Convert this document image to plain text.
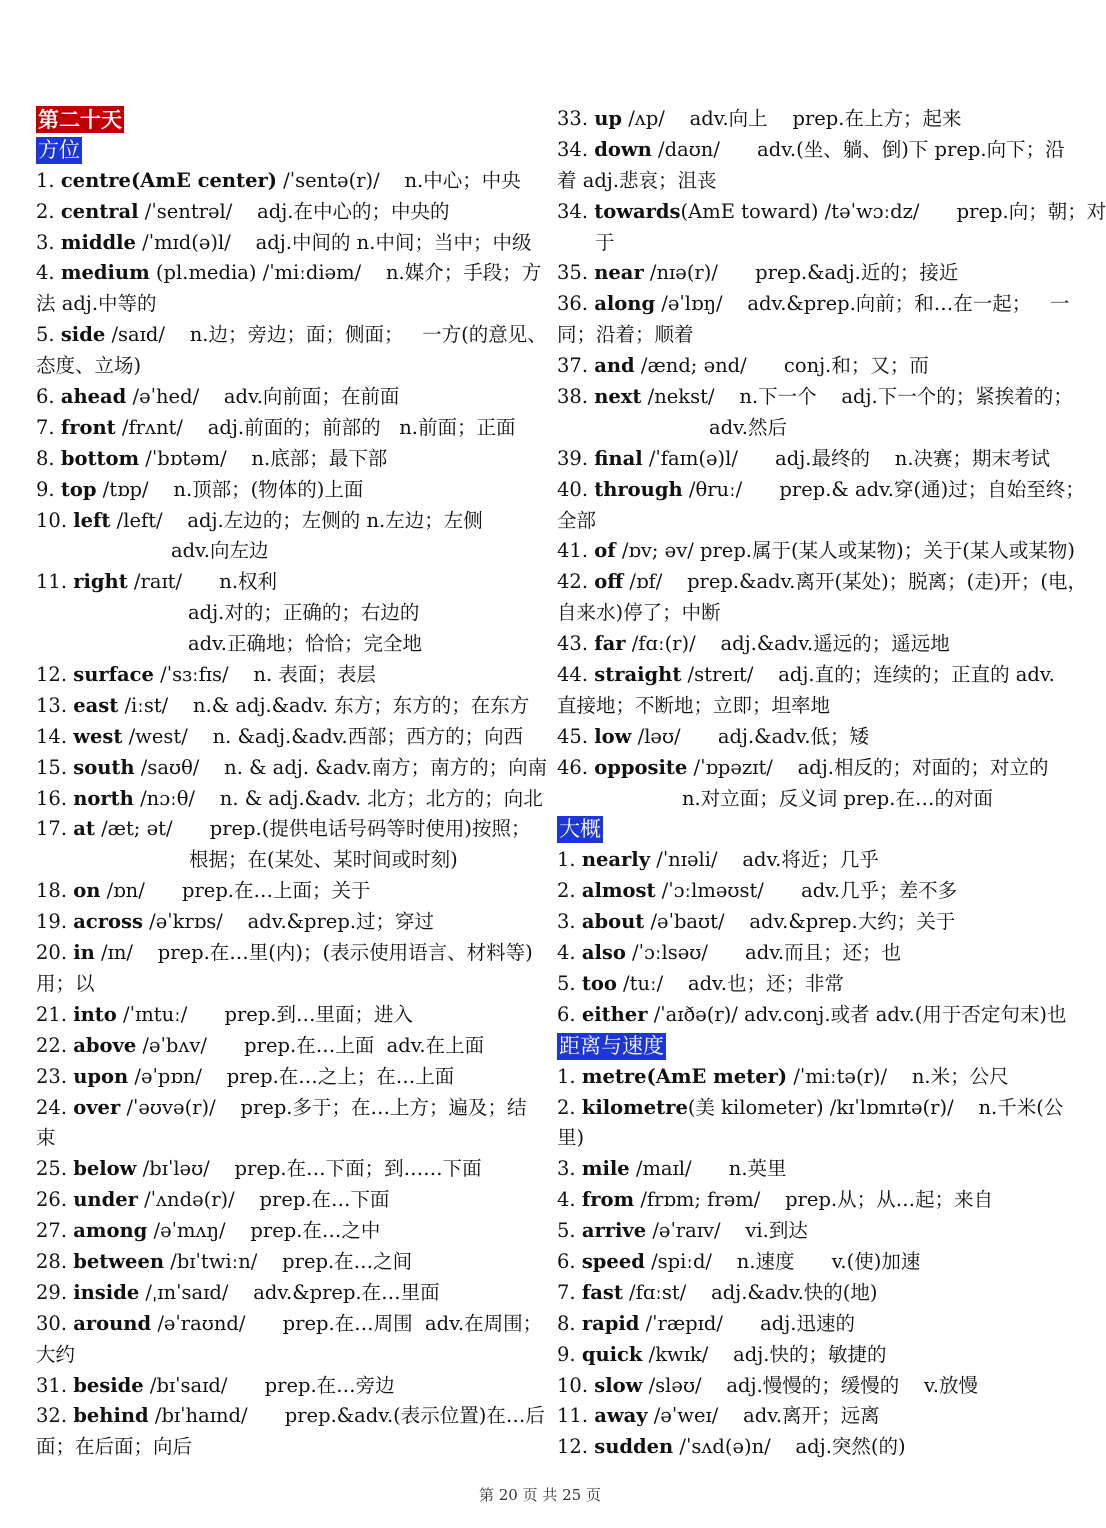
第二十天
方位
1. centre(AmE center) /ˈsentə(r)/    n.中心；中央
2. central /ˈsentrəl/    adj.在中心的；中央的
3. middle /ˈmɪd(ə)l/    adj.中间的 n.中间；当中；中级
4. medium (pl.media) /ˈmiːdiəm/    n.媒介；手段；方
法 adj.中等的
5. side /saɪd/    n.边；旁边；面；侧面；   一方(的意见、
态度、立场)
6. ahead /əˈhed/    adv.向前面；在前面
7. front /frʌnt/    adj.前面的；前部的   n.前面；正面
8. bottom /ˈbɒtəm/    n.底部；最下部
9. top /tɒp/    n.顶部；(物体的)上面
10. left /left/    adj.左边的；左侧的 n.左边；左侧
adv.向左边
11. right /raɪt/      n.权利
adj.对的；正确的；右边的
adv.正确地；恰恰；完全地
12. surface /ˈsɜːfɪs/    n. 表面；表层
13. east /iːst/    n.& adj.&adv. 东方；东方的；在东方
14. west /west/    n. &adj.&adv.西部；西方的；向西
15. south /saʊθ/    n. & adj. &adv.南方；南方的；向南
16. north /nɔːθ/    n. & adj.&adv. 北方；北方的；向北
17. at /æt; ət/      prep.(提供电话号码等时使用)按照；
根据；在(某处、某时间或时刻)
18. on /ɒn/      prep.在…上面；关于
19. across /əˈkrɒs/    adv.&prep.过；穿过
20. in /ɪn/    prep.在…里(内)；(表示使用语言、材料等)
用；以
21. into /ˈɪntuː/      prep.到…里面；进入
22. above /əˈbʌv/      prep.在…上面  adv.在上面
23. upon /əˈpɒn/    prep.在…之上；在…上面
24. over /ˈəʊvə(r)/    prep.多于；在…上方；遍及；结
束
25. below /bɪˈləʊ/    prep.在…下面；到……下面
26. under /ˈʌndə(r)/    prep.在…下面
27. among /əˈmʌŋ/    prep.在…之中
28. between /bɪˈtwiːn/    prep.在…之间
29. inside /ˌɪnˈsaɪd/    adv.&prep.在…里面
30. around /əˈraʊnd/      prep.在…周围  adv.在周围；
大约
31. beside /bɪˈsaɪd/      prep.在…旁边
32. behind /bɪˈhaɪnd/      prep.&adv.(表示位置)在…后
面；在后面；向后
33. up /ʌp/    adv.向上    prep.在上方；起来
34. down /daʊn/      adv.(坐、躺、倒)下 prep.向下；沿
着 adj.悲哀；沮丧
34. towards(AmE toward) /təˈwɔːdz/      prep.向；朝；对
于
35. near /nɪə(r)/      prep.&adj.近的；接近
36. along /əˈlɒŋ/    adv.&prep.向前；和…在一起；   一
同；沿着；顺着
37. and /ænd; ənd/      conj.和；又；而
38. next /nekst/    n.下一个    adj.下一个的；紧挨着的；
adv.然后
39. final /ˈfaɪn(ə)l/      adj.最终的    n.决赛；期末考试
40. through /θruː/      prep.& adv.穿(通)过；自始至终；
全部
41. of /ɒv; əv/ prep.属于(某人或某物)；关于(某人或某物)
42. off /ɒf/    prep.&adv.离开(某处)；脱离；(走)开；(电，
自来水)停了；中断
43. far /fɑː(r)/    adj.&adv.遥远的；遥远地
44. straight /streɪt/    adj.直的；连续的；正直的 adv.
直接地；不断地；立即；坦率地
45. low /ləʊ/      adj.&adv.低；矮
46. opposite /ˈɒpəzɪt/    adj.相反的；对面的；对立的
n.对立面；反义词 prep.在…的对面
大概
1. nearly /ˈnɪəli/    adv.将近；几乎
2. almost /ˈɔːlməʊst/      adv.几乎；差不多
3. about /əˈbaʊt/    adv.&prep.大约；关于
4. also /ˈɔːlsəʊ/      adv.而且；还；也
5. too /tuː/    adv.也；还；非常
6. either /ˈaɪðə(r)/ adv.conj.或者 adv.(用于否定句末)也
距离与速度
1. metre(AmE meter) /ˈmiːtə(r)/    n.米；公尺
2. kilometre(美 kilometer) /kɪˈlɒmɪtə(r)/    n.千米(公
里)
3. mile /maɪl/      n.英里
4. from /frɒm; frəm/    prep.从；从…起；来自
5. arrive /əˈraɪv/    vi.到达
6. speed /spiːd/    n.速度      v.(使)加速
7. fast /fɑːst/    adj.&adv.快的(地)
8. rapid /ˈræpɪd/      adj.迅速的
9. quick /kwɪk/    adj.快的；敏捷的
10. slow /sləʊ/    adj.慢慢的；缓慢的    v.放慢
11. away /əˈweɪ/    adv.离开；远离
12. sudden /ˈsʌd(ə)n/    adj.突然(的)
第 20 页 共 25 页
